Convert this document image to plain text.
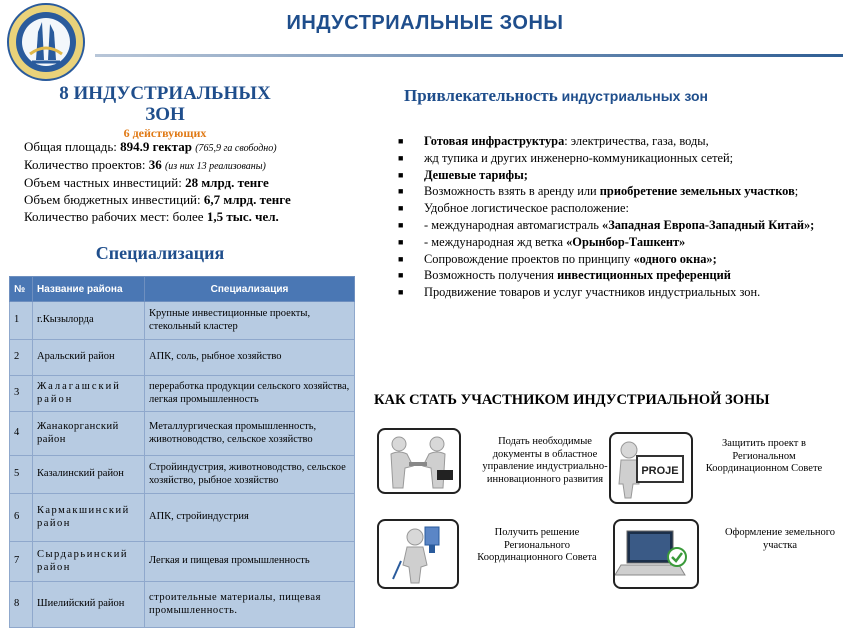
ИНДУСТРИАЛЬНЫЕ ЗОНЫ
8 ИНДУСТРИАЛЬНЫХ
ЗОН
6 действующих
Общая площадь: 894.9 гектар (765,9 га свободно)
Количество проектов: 36 (из них 13 реализованы)
Объем частных инвестиций: 28 млрд. тенге
Объем бюджетных инвестиций: 6,7 млрд. тенге
Количество рабочих мест: более 1,5 тыс. чел.
Специализация
№	Название района	Специализация
1	г.Кызылорда	Крупные инвестиционные проекты, стекольный кластер
2	Аральский район	АПК, соль, рыбное хозяйство
3	Жалагашский район	переработка продукции сельского хозяйства, легкая промышленность
4	Жанакорганский район	Металлургическая промышленность, животноводство, сельское хозяйство
5	Казалинский район	Стройиндустрия, животноводство, сельское хозяйство, рыбное хозяйство
6	Кармакшинский район	АПК, стройиндустрия
7	Сырдарьинский район	Легкая и пищевая промышленность
8	Шиелийский район	строительные материалы, пищевая промышленность.
Привлекательность индустриальных зон
■ Готовая инфраструктура: электричества, газа, воды,
■ жд тупика и других инженерно-коммуникационных сетей;
■ Дешевые тарифы;
■ Возможность взять в аренду или приобретение земельных участков;
■ Удобное логистическое расположение:
■ - международная автомагистраль «Западная Европа-Западный Китай»;
■ - международная жд ветка «Орынбор-Ташкент»
■ Сопровождение проектов по принципу «одного окна»;
■ Возможность получения инвестиционных преференций
■ Продвижение товаров и услуг участников индустриальных зон.
КАК СТАТЬ УЧАСТНИКОМ ИНДУСТРИАЛЬНОЙ ЗОНЫ
Подать необходимые документы в областное управление индустриально-инновационного развития
PROJE
Защитить проект в Региональном Координационном Совете
Получить решение Регионального Координационного Совета
Оформление земельного участка
